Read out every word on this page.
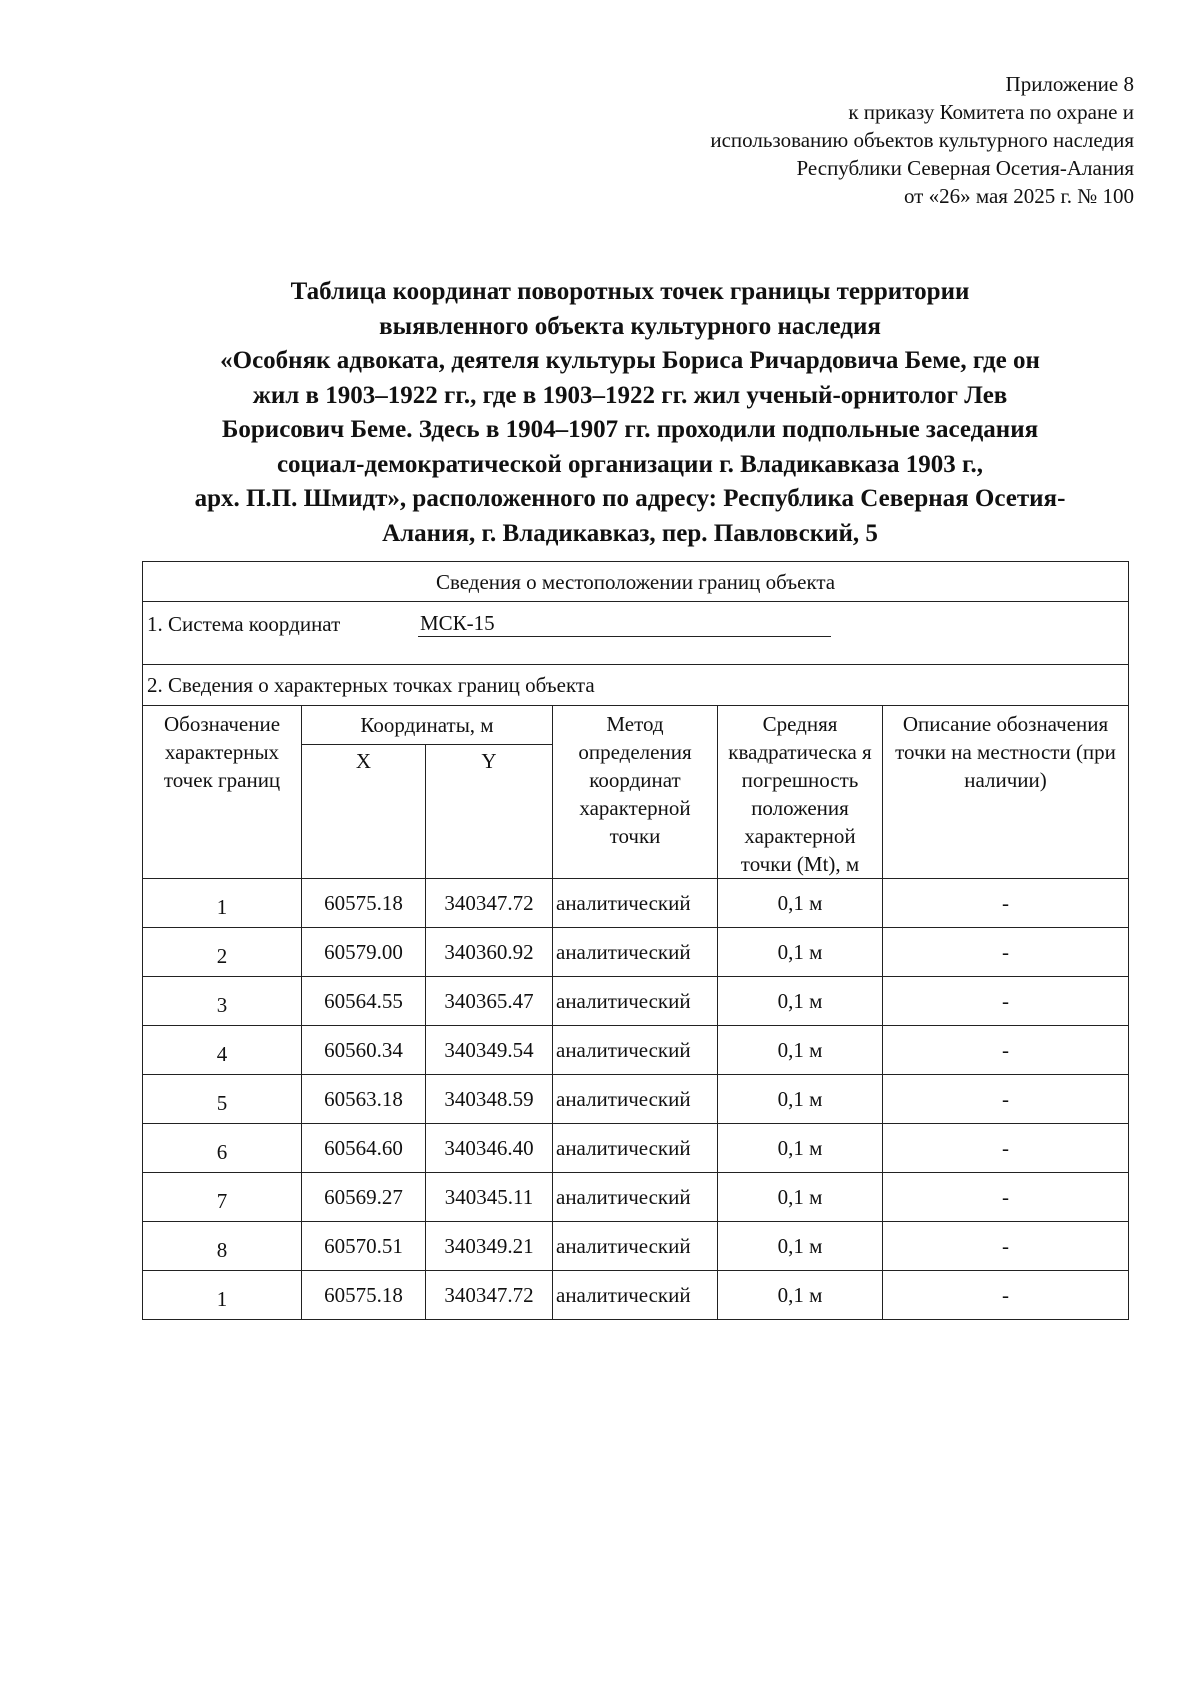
Приложение 8
к приказу Комитета по охране и
использованию объектов культурного наследия
Республики Северная Осетия-Алания
от «26» мая 2025 г. № 100
Таблица координат поворотных точек границы территории
выявленного объекта культурного наследия
«Особняк адвоката, деятеля культуры Бориса Ричардовича Беме, где он
жил в 1903–1922 гг., где в 1903–1922 гг. жил ученый-орнитолог Лев
Борисович Беме. Здесь в 1904–1907 гг. проходили подпольные заседания
социал-демократической организации г. Владикавказа 1903 г.,
арх. П.П. Шмидт», расположенного по адресу: Республика Северная Осетия-
Алания, г. Владикавказ, пер. Павловский, 5
Сведения о местоположении границ объекта					

1. Система координат МСК-15					

2. Сведения о характерных точках границ объекта					
Обозначение характерных точек границ	Координаты, м		Метод определения координат характерной точки	Средняя квадратическа я погрешность положения характерной точки (Mt), м	Описание обозначения точки на местности (при наличии)
	X	Y			
1	60575.18	340347.72	аналитический	0,1 м	-
2	60579.00	340360.92	аналитический	0,1 м	-
3	60564.55	340365.47	аналитический	0,1 м	-
4	60560.34	340349.54	аналитический	0,1 м	-
5	60563.18	340348.59	аналитический	0,1 м	-
6	60564.60	340346.40	аналитический	0,1 м	-
7	60569.27	340345.11	аналитический	0,1 м	-
8	60570.51	340349.21	аналитический	0,1 м	-
1	60575.18	340347.72	аналитический	0,1 м	-
